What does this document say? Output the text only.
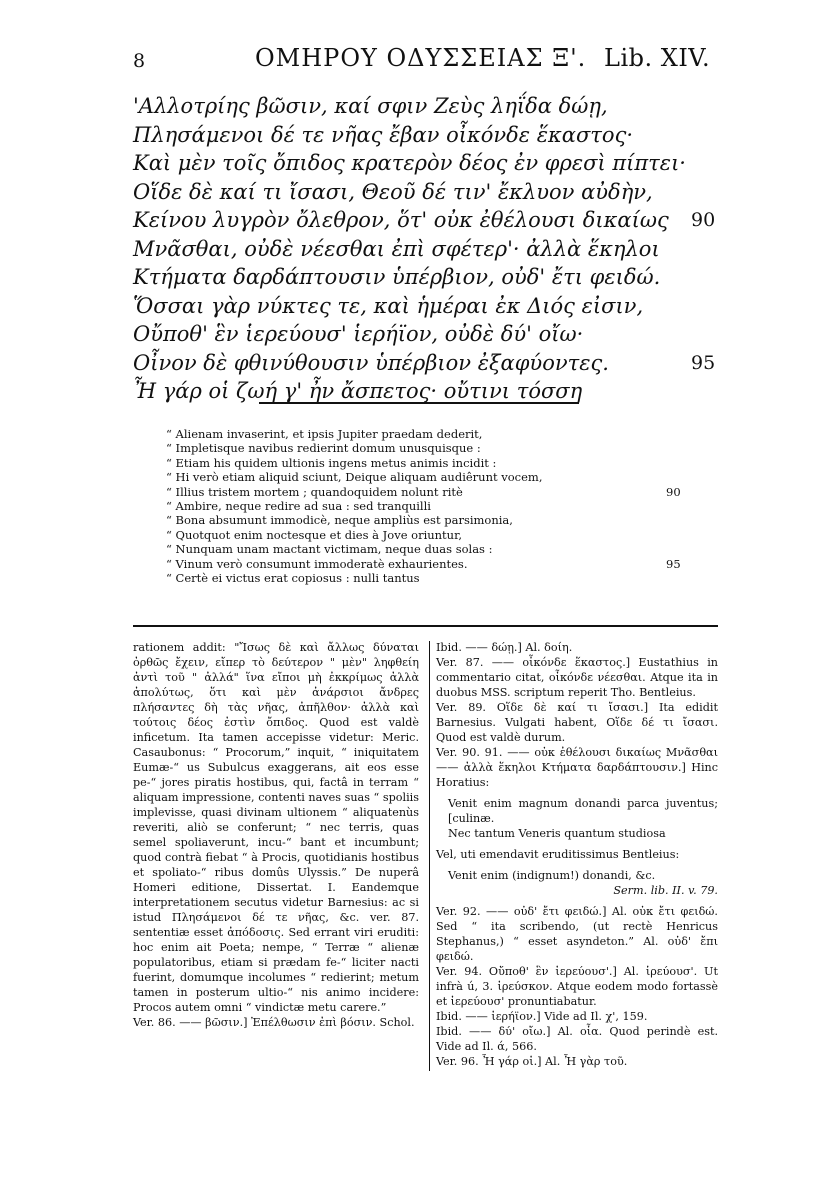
8	ΟΜΗΡΟΥ ΟΔΥΣΣΕΙΑΣ Ξ'. Lib. XIV.
'Αλλοτρίης βῶσιν, καί σφιν Ζεὺς ληΐδα δώῃ,
Πλησάμενοι δέ τε νῆας ἔβαν οἶκόνδε ἕκαστος·
Καὶ μὲν τοῖς ὄπιδος κρατερὸν δέος ἐν φρεσὶ πίπτει·
Οἵδε δὲ καί τι ἴσασι, Θεοῦ δέ τιν' ἔκλυον αὐδὴν,
Κείνου λυγρὸν ὄλεθρον, ὅτ' οὐκ ἐθέλουσι δικαίως 90
Μνᾶσθαι, οὐδὲ νέεσθαι ἐπὶ σφέτερ'· ἀλλὰ ἕκηλοι
Κτήματα δαρδάπτουσιν ὑπέρβιον, οὐδ' ἔτι φειδώ.
Ὅσσαι γὰρ νύκτες τε, καὶ ἡμέραι ἐκ Διός εἰσιν,
Οὔποθ' ἓν ἱερεύουσ' ἱερήϊον, οὐδὲ δύ' οἴω·
Οἶνον δὲ φθινύθουσιν ὑπέρβιον ἐξαφύοντες.	95
Ἦ γάρ οἱ ζωή γ' ἦν ἄσπετος· οὔτινι τόσση
“ Alienam invaserint, et ipsis Jupiter praedam dederit,
“ Impletisque navibus redierint domum unusquisque :
“ Etiam his quidem ultionis ingens metus animis incidit :
“ Hi verò etiam aliquid sciunt, Deique aliquam audiêrunt vocem,
“ Illius tristem mortem ; quandoquidem nolunt ritè	90
“ Ambire, neque redire ad sua : sed tranquilli
“ Bona absumunt immodicè, neque ampliùs est parsimonia,
“ Quotquot enim noctesque et dies à Jove oriuntur,
“ Nunquam unam mactant victimam, neque duas solas :
“ Vinum verò consumunt immoderatè exhaurientes.	95
“ Certè ei victus erat copiosus : nulli tantus

rationem addit: "Ἴσως δὲ καὶ ἄλλως δύναται ὀρθῶς ἔχειν, εἴπερ τὸ δεύτερον " μὲν" ληφθείη ἀντὶ τοῦ " ἀλλά" ἵνα εἴποι μὴ ἐκκρίμως ἀλλὰ ἀπολύτως, ὅτι καὶ μὲν ἀνάρσιοι ἄνδρες πλήσαντες δὴ τὰς νῆας, ἀπῆλθον· ἀλλὰ καὶ τούτοις δέος ἐστὶν ὄπιδος. Quod est valdè inficetum. Ita tamen accepisse videtur: Meric. Casaubonus: “ Procorum,” inquit, “ iniquitatem Eumæ-“ us Subulcus exaggerans, ait eos esse pe-“ jores piratis hostibus, qui, factâ in terram “ aliquam impressione, contenti naves suas “ spoliis implevisse, quasi divinam ultionem “ aliquatenùs reveriti, aliò se conferunt; “ nec terris, quas semel spoliaverunt, incu-“ bant et incumbunt; quod contrà fiebat “ à Procis, quotidianis hostibus et spoliato-“ ribus domûs Ulyssis.” De nuperâ Homeri editione, Dissertat. I. Eandemque interpretationem secutus videtur Barnesius: ac si istud Πλησάμενοι δέ τε νῆας, &c. ver. 87. sententiæ esset ἀπόδοσις. Sed errant viri eruditi: hoc enim ait Poeta; nempe, “ Terræ “ alienæ populatoribus, etiam si prædam fe-“ liciter nacti fuerint, domumque incolumes “ redierint; metum tamen in posterum ultio-“ nis animo incidere: Procos autem omni “ vindictæ metu carere.”

Ver. 86. —— βῶσιν.] Ἐπέλθωσιν ἐπὶ βόσιν. Schol.

Ibid. —— δώῃ.] Al. δοίη.

Ver. 87. —— οἶκόνδε ἕκαστος.] Eustathius in commentario citat, οἶκόνδε νέεσθαι. Atque ita in duobus MSS. scriptum reperit Tho. Bentleius.

Ver. 89. Οἵδε δὲ καί τι ἴσασι.] Ita edidit Barnesius. Vulgati habent, Οἵδε δέ τι ἴσασι. Quod est valdè durum.

Ver. 90. 91. —— οὐκ ἐθέλουσι δικαίως Μνᾶσθαι —— ἀλλὰ ἕκηλοι Κτήματα δαρδάπτουσιν.] Hinc Horatius:

Venit enim magnum donandi parca juventus; [culinæ.

Nec tantum Veneris quantum studiosa

Vel, uti emendavit eruditissimus Bentleius:

Venit enim (indignum!) donandi, &c.

Serm. lib. II. v. 79.

Ver. 92. —— οὐδ' ἔτι φειδώ.] Al. οὐκ ἔτι φειδώ. Sed “ ita scribendo, (ut rectè Henricus Stephanus,) “ esset asyndeton.” Al. οὐδ' ἔπι φειδώ.

Ver. 94. Οὔποθ' ἓν ἱερεύουσ'.] Al. ἱρεύουσ'. Ut infrà ú, 3. ἱρεύσκον. Atque eodem modo fortassè et ἱερεύουσ' pronuntiabatur.

Ibid. —— ἱερήϊον.] Vide ad Il. χ', 159.

Ibid. —— δύ' οἴω.] Al. οἶα. Quod perindè est. Vide ad Il. ά, 566.

Ver. 96. Ἦ γάρ οἱ.] Al. Ἦ γὰρ τοῦ.
